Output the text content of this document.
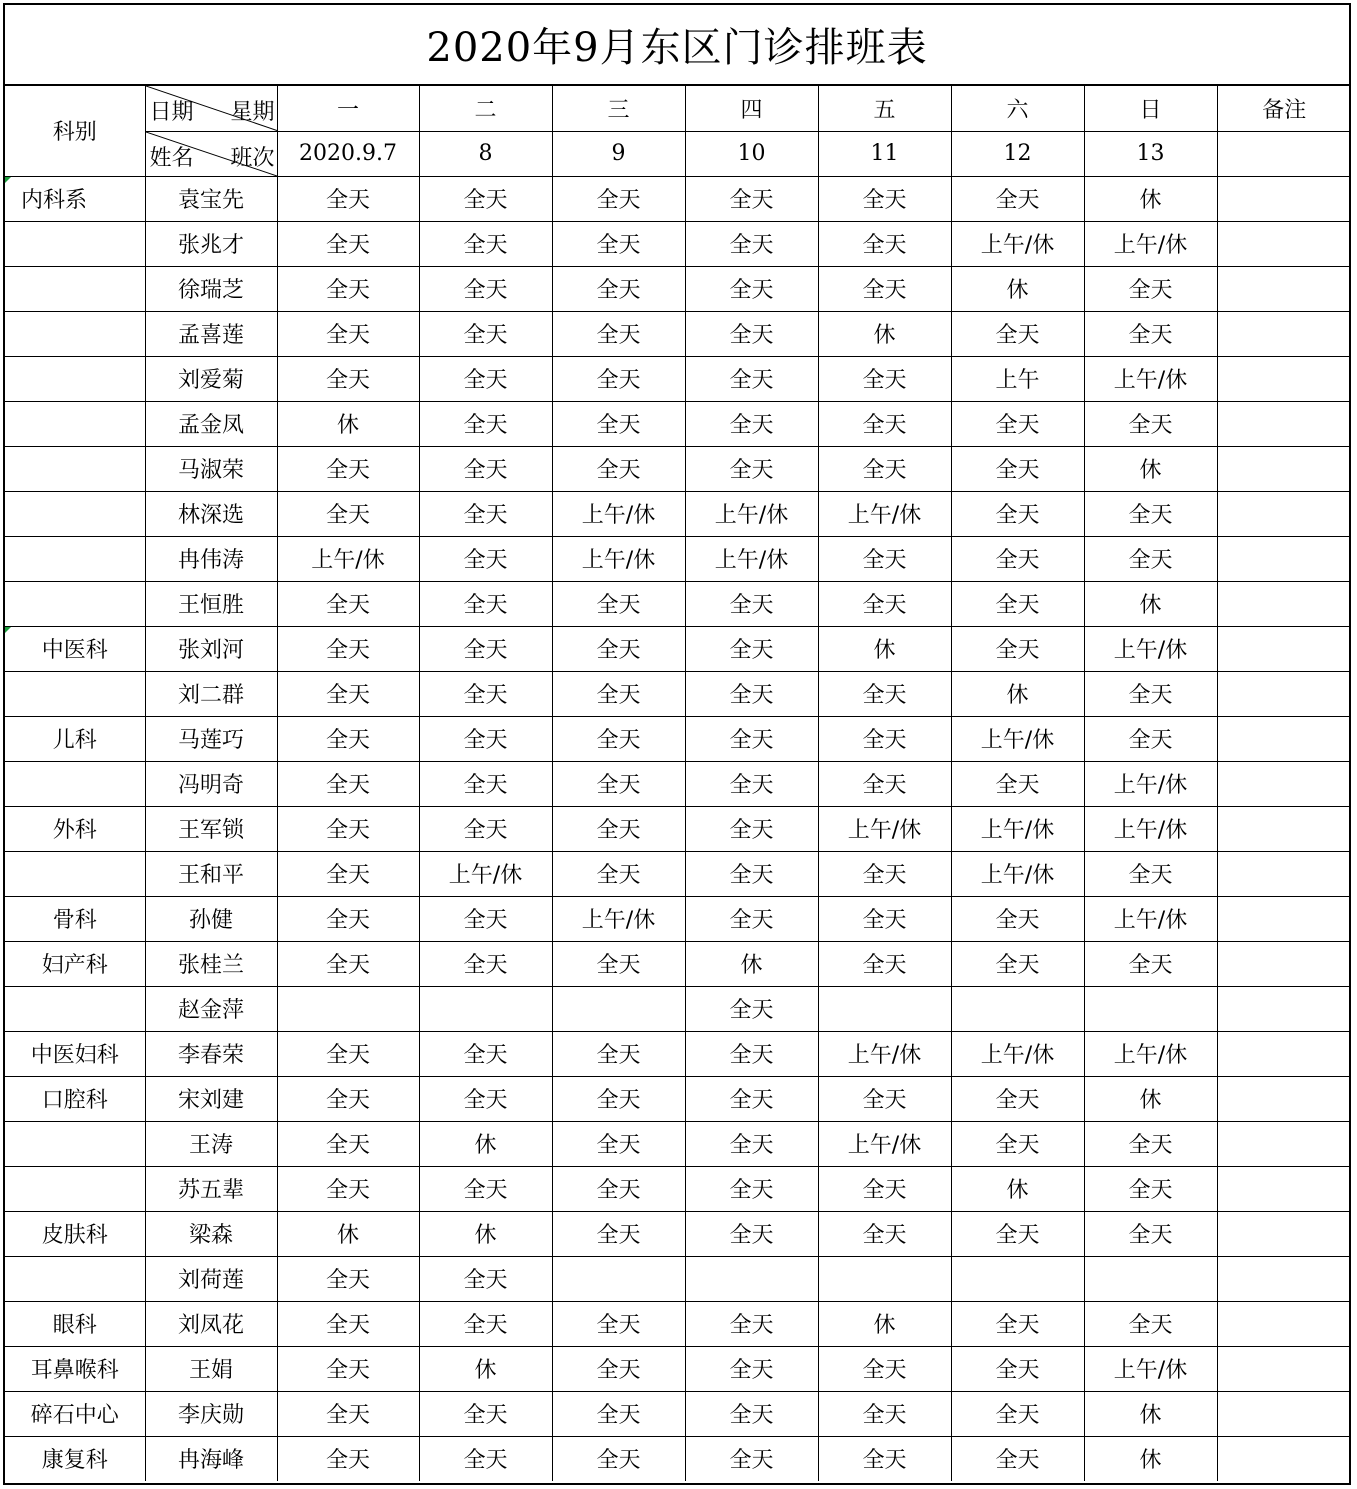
2020年9月东区门诊排班表
科别	日期 星期	一	二	三	四	五	六	日	备注

	姓名 班次	2020.9.7	8	9	10	11	12	13	
内科系	袁宝先	全天	全天	全天	全天	全天	全天	休	
	张兆才	全天	全天	全天	全天	全天	上午/休	上午/休	
	徐瑞芝	全天	全天	全天	全天	全天	休	全天	
	孟喜莲	全天	全天	全天	全天	休	全天	全天	
	刘爱菊	全天	全天	全天	全天	全天	上午	上午/休	
	孟金凤	休	全天	全天	全天	全天	全天	全天	
	马淑荣	全天	全天	全天	全天	全天	全天	休	
	林深选	全天	全天	上午/休	上午/休	上午/休	全天	全天	
	冉伟涛	上午/休	全天	上午/休	上午/休	全天	全天	全天	
	王恒胜	全天	全天	全天	全天	全天	全天	休	
中医科	张刘河	全天	全天	全天	全天	休	全天	上午/休	
	刘二群	全天	全天	全天	全天	全天	休	全天	
儿科	马莲巧	全天	全天	全天	全天	全天	上午/休	全天	
	冯明奇	全天	全天	全天	全天	全天	全天	上午/休	
外科	王军锁	全天	全天	全天	全天	上午/休	上午/休	上午/休	
	王和平	全天	上午/休	全天	全天	全天	上午/休	全天	
骨科	孙健	全天	全天	上午/休	全天	全天	全天	上午/休	
妇产科	张桂兰	全天	全天	全天	休	全天	全天	全天	
	赵金萍				全天				
中医妇科	李春荣	全天	全天	全天	全天	上午/休	上午/休	上午/休	
口腔科	宋刘建	全天	全天	全天	全天	全天	全天	休	
	王涛	全天	休	全天	全天	上午/休	全天	全天	
	苏五辈	全天	全天	全天	全天	全天	休	全天	
皮肤科	梁森	休	休	全天	全天	全天	全天	全天	
	刘荷莲	全天	全天						
眼科	刘凤花	全天	全天	全天	全天	休	全天	全天	
耳鼻喉科	王娟	全天	休	全天	全天	全天	全天	上午/休	
碎石中心	李庆勋	全天	全天	全天	全天	全天	全天	休	
康复科	冉海峰	全天	全天	全天	全天	全天	全天	休	
